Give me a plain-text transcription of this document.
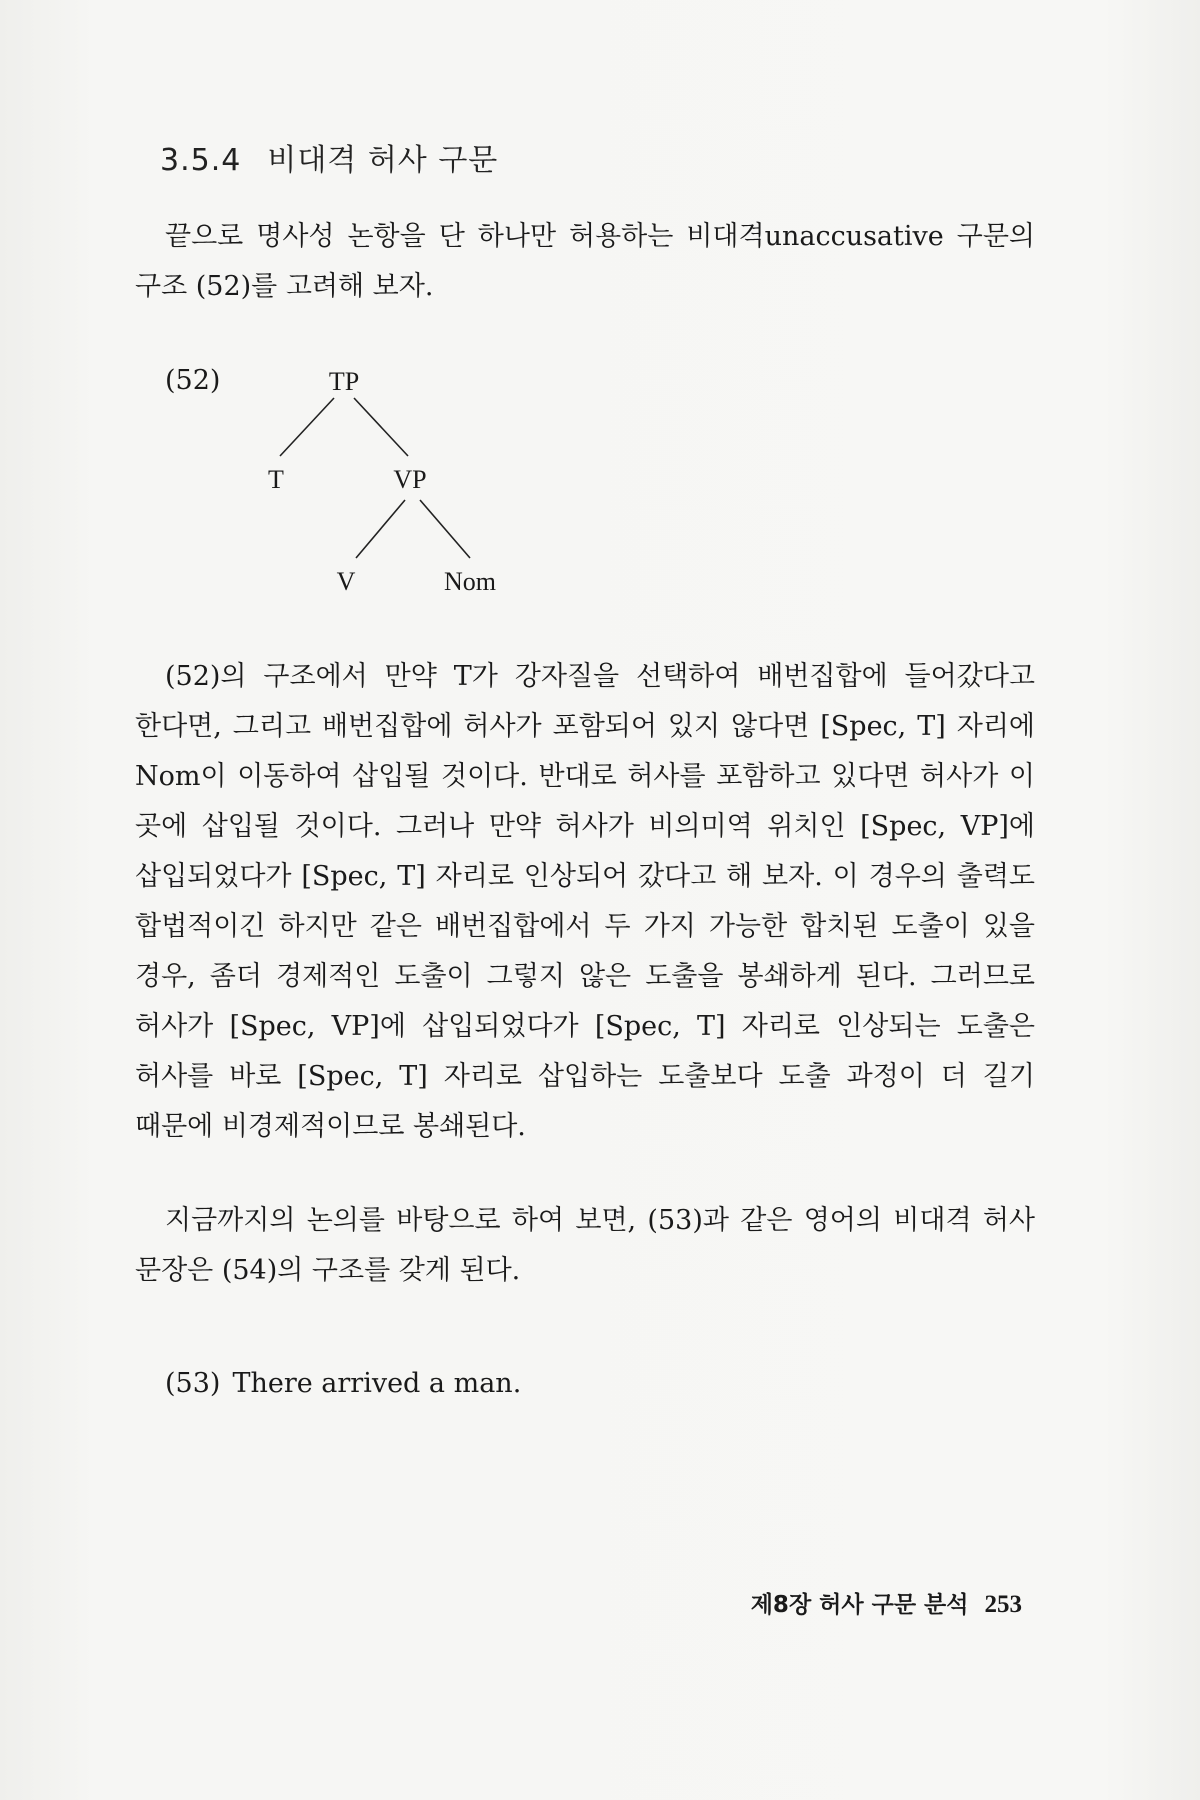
3.5.4 비대격 허사 구문

끝으로 명사성 논항을 단 하나만 허용하는 비대격unaccusative 구문의 구조 (52)를 고려해 보자.

(52)	TP
T	VP
V	Nom

(52)의 구조에서 만약 T가 강자질을 선택하여 배번집합에 들어갔다고 한다면, 그리고 배번집합에 허사가 포함되어 있지 않다면 [Spec, T] 자리에 Nom이 이동하여 삽입될 것이다. 반대로 허사를 포함하고 있다면 허사가 이 곳에 삽입될 것이다. 그러나 만약 허사가 비의미역 위치인 [Spec, VP]에 삽입되었다가 [Spec, T] 자리로 인상되어 갔다고 해 보자. 이 경우의 출력도 합법적이긴 하지만 같은 배번집합에서 두 가지 가능한 합치된 도출이 있을 경우, 좀더 경제적인 도출이 그렇지 않은 도출을 봉쇄하게 된다. 그러므로 허사가 [Spec, VP]에 삽입되었다가 [Spec, T] 자리로 인상되는 도출은 허사를 바로 [Spec, T] 자리로 삽입하는 도출보다 도출 과정이 더 길기 때문에 비경제적이므로 봉쇄된다.

지금까지의 논의를 바탕으로 하여 보면, (53)과 같은 영어의 비대격 허사 문장은 (54)의 구조를 갖게 된다.

(53) There arrived a man.
제8장 허사 구문 분석 253
